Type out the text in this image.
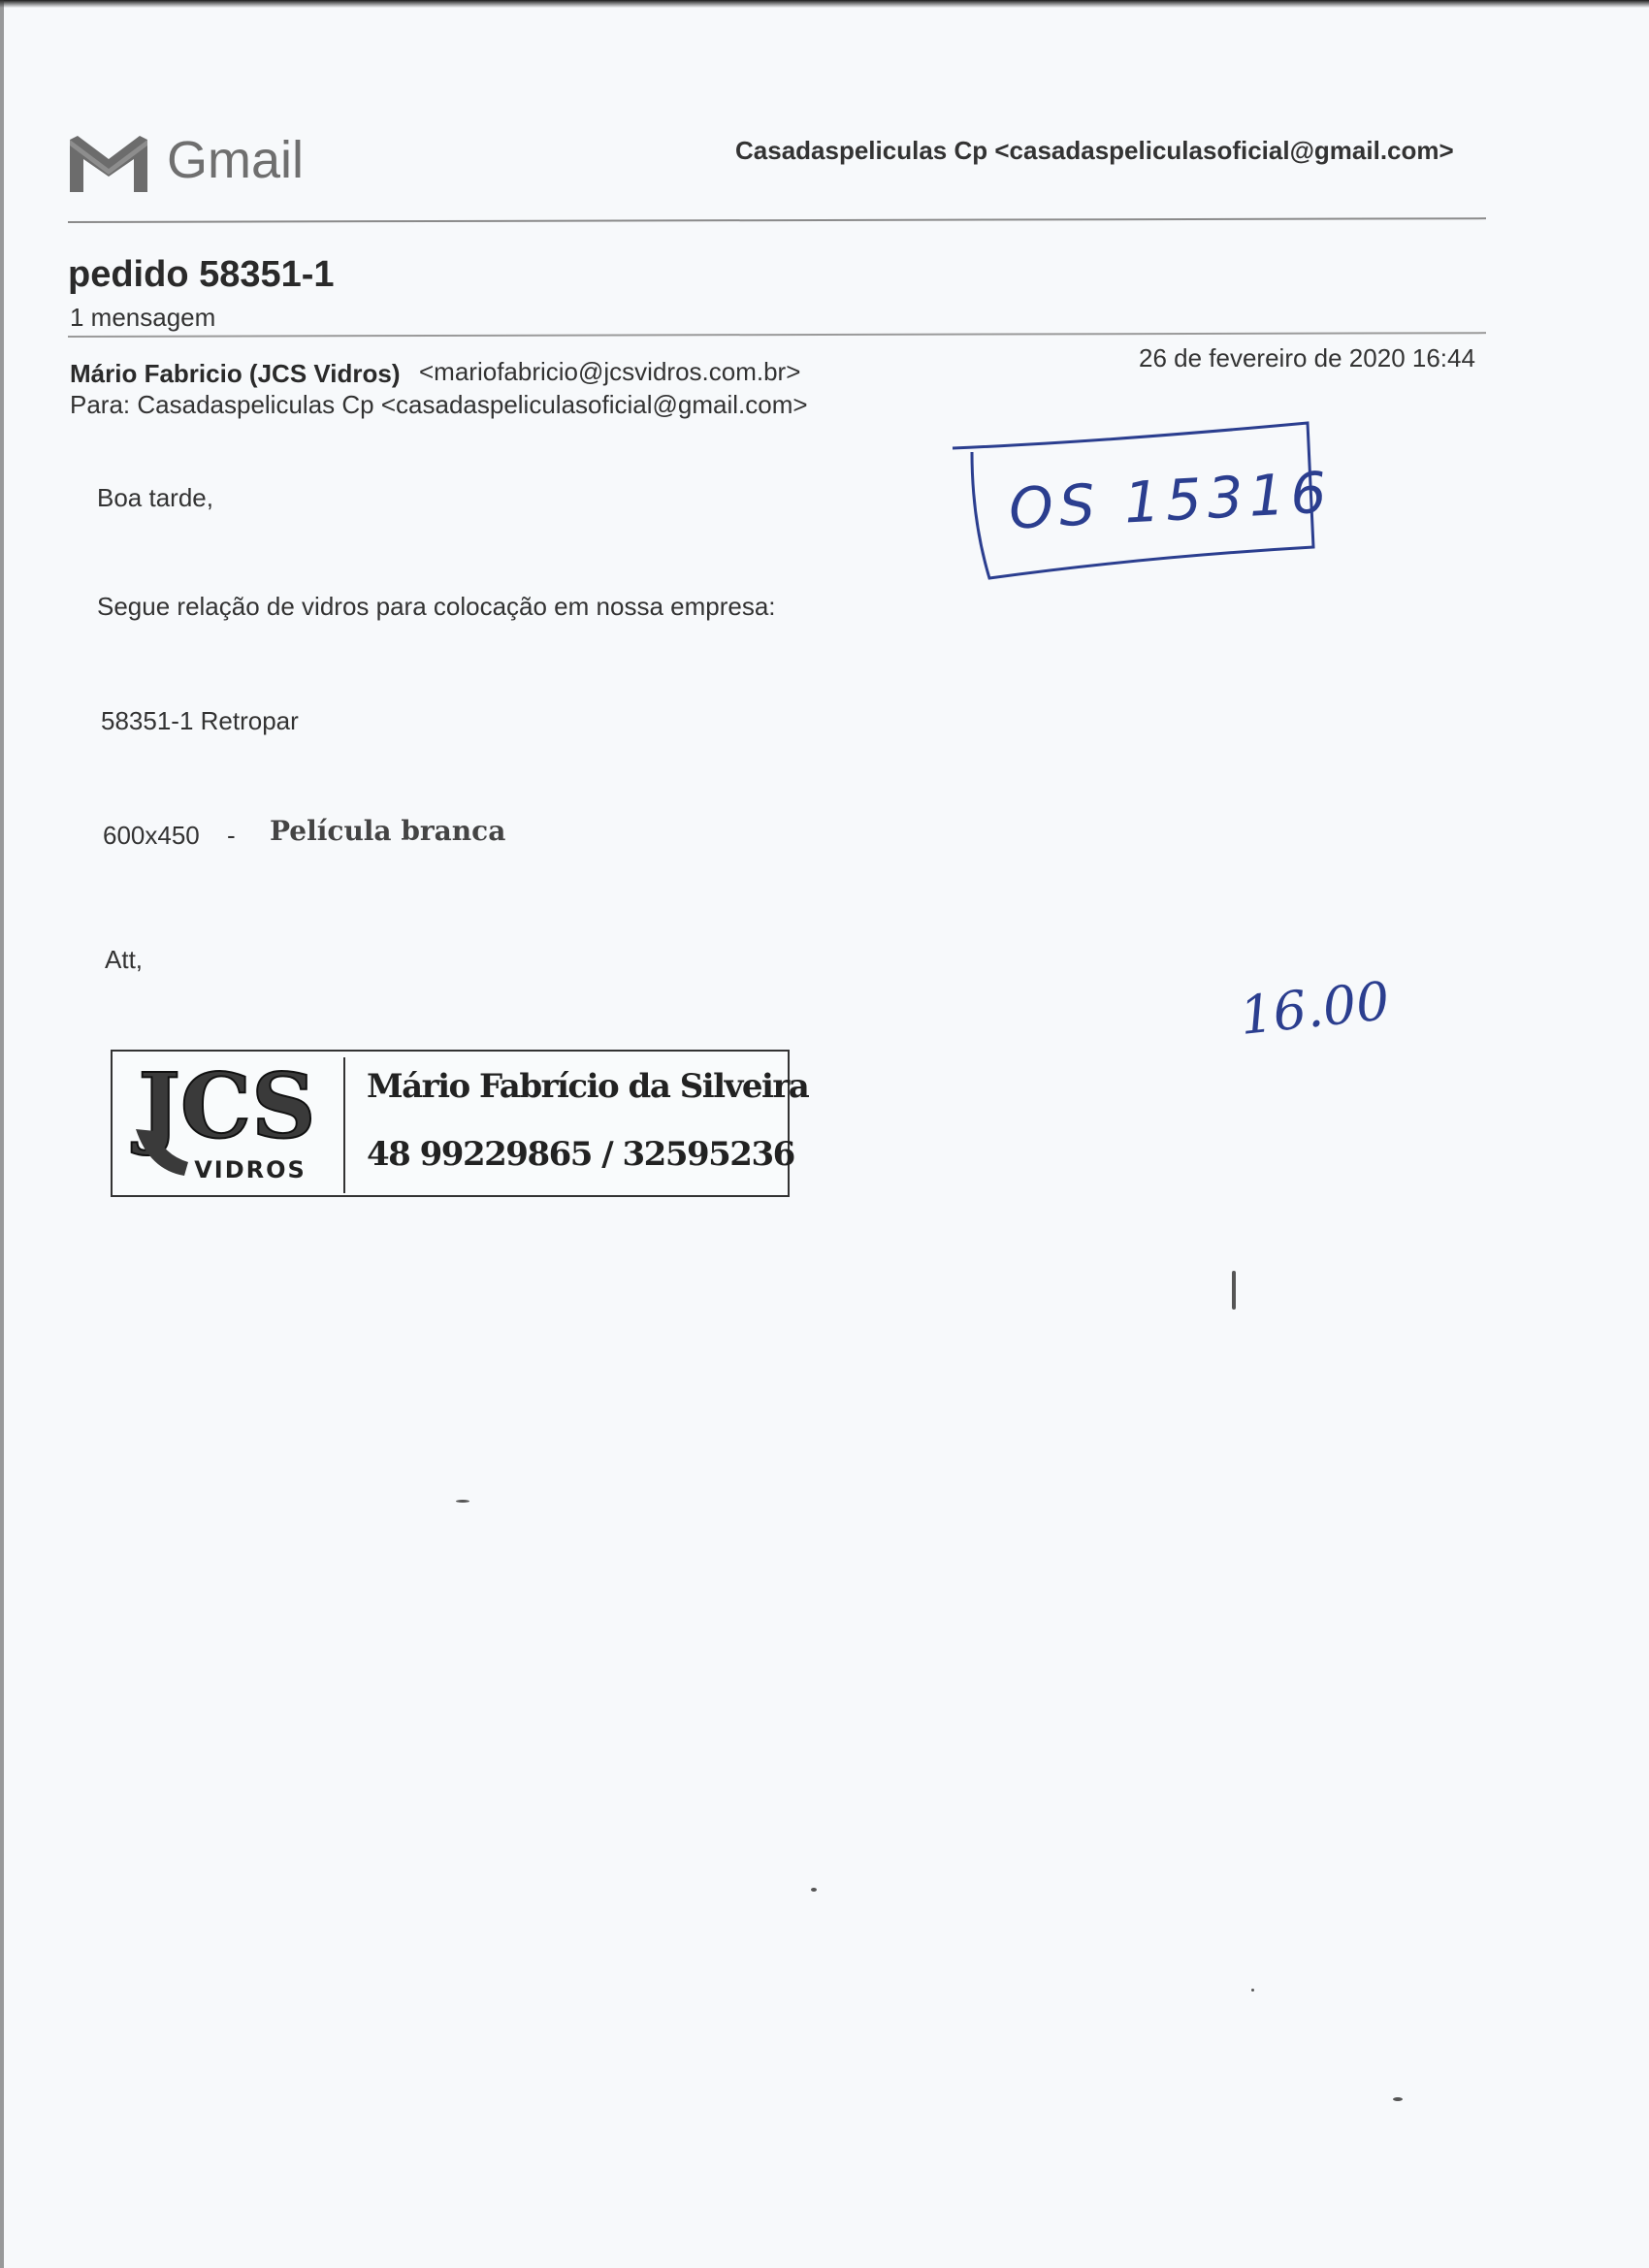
Gmail	Casadaspeliculas Cp <casadaspeliculasoficial@gmail.com>
pedido 58351-1
1 mensagem
Mário Fabricio (JCS Vidros) <mariofabricio@jcsvidros.com.br>	26 de fevereiro de 2020 16:44
Para: Casadaspeliculas Cp <casadaspeliculasoficial@gmail.com>
Boa tarde,
Segue relação de vidros para colocação em nossa empresa:
58351-1 Retropar
600x450 - Película branca
Att,
JCS
VIDROS
Mário Fabrício da Silveira
48 99229865 / 32595236
OS 15316
16.00
